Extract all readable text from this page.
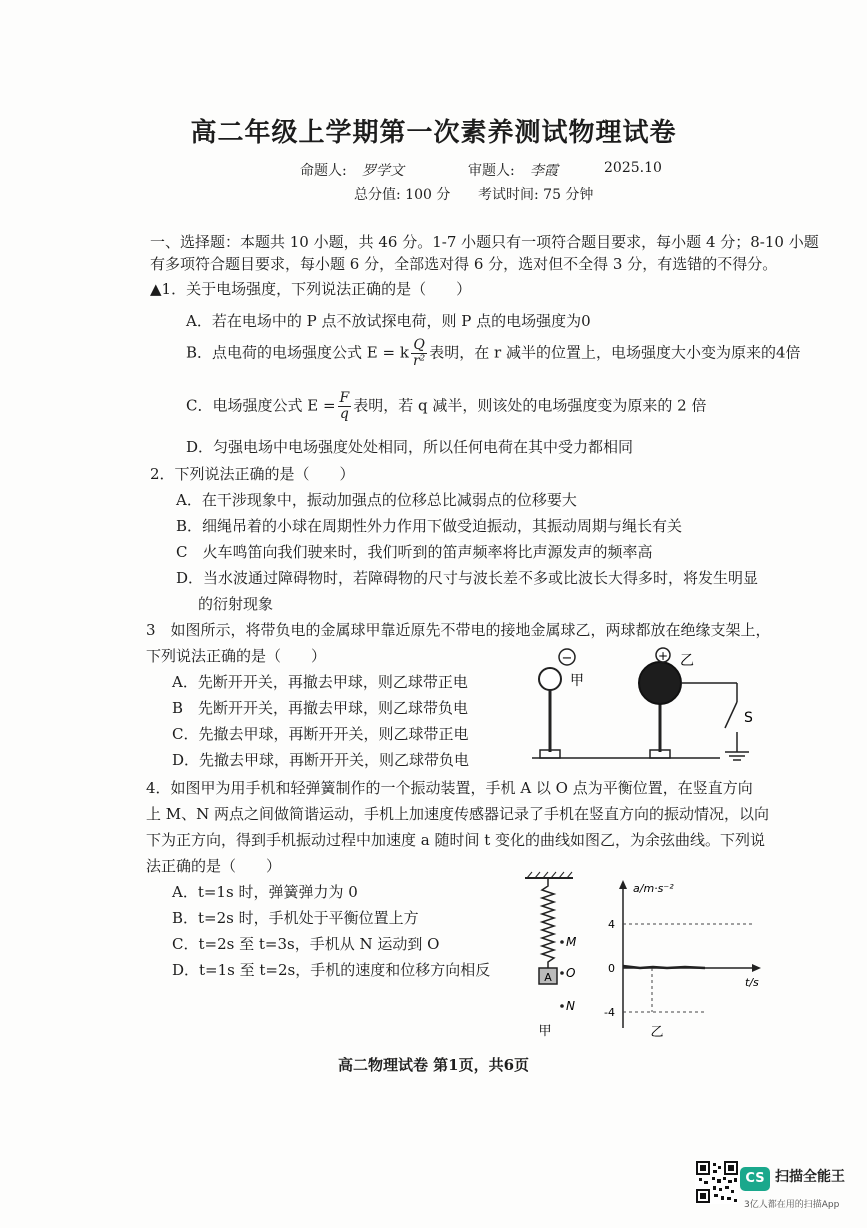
高二年级上学期第一次素养测试物理试卷
命题人: 罗学文	审题人: 李霞	2025.10
总分值: 100 分 考试时间: 75 分钟
一、选择题：本题共 10 小题，共 46 分。1-7 小题只有一项符合题目要求，每小题 4 分；8-10 小题
有多项符合题目要求，每小题 6 分，全部选对得 6 分，选对但不全得 3 分，有选错的不得分。
▲1．关于电场强度，下列说法正确的是（　　）
A．若在电场中的 P 点不放试探电荷，则 P 点的电场强度为0
B．点电荷的电场强度公式 E = k $\frac{Q}{\text{r²}}$ 表明，在 r 减半的位置上，电场强度大小变为原来的4倍
C．电场强度公式 $E = \frac{F}{q}$ 表明，若 q 减半，则该处的电场强度变为原来的 2 倍
D．匀强电场中电场强度处处相同，所以任何电荷在其中受力都相同
2．下列说法正确的是（　　）
A．在干涉现象中，振动加强点的位移总比减弱点的位移要大
B．细绳吊着的小球在周期性外力作用下做受迫振动，其振动周期与绳长有关
C　火车鸣笛向我们驶来时，我们听到的笛声频率将比声源发声的频率高
D．当水波通过障碍物时，若障碍物的尺寸与波长差不多或比波长大得多时，将发生明显
的衍射现象
3　如图所示，将带负电的金属球甲靠近原先不带电的接地金属球乙，两球都放在绝缘支架上，
下列说法正确的是（　　）
A．先断开开关，再撤去甲球，则乙球带正电
B　先断开开关，再撤去甲球，则乙球带负电
C．先撤去甲球，再断开开关，则乙球带正电
D．先撤去甲球，再断开开关，则乙球带负电
−
甲
+ 乙
S
4．如图甲为用手机和轻弹簧制作的一个振动装置，手机 A 以 O 点为平衡位置，在竖直方向
上 M、N 两点之间做简谐运动，手机上加速度传感器记录了手机在竖直方向的振动情况，以向
下为正方向，得到手机振动过程中加速度 a 随时间 t 变化的曲线如图乙，为余弦曲线。下列说
法正确的是（　　）
A．t=1s 时，弹簧弹力为 0
B．t=2s 时，手机处于平衡位置上方
C．t=2s 至 t=3s，手机从 N 运动到 O
D．t=1s 至 t=2s，手机的速度和位移方向相反	A
M
O
N
甲
a/m·s⁻²
t/s
4
0
-4
乙
高二物理试卷 第1页，共6页
CS 扫描全能王
3亿人都在用的扫描App
